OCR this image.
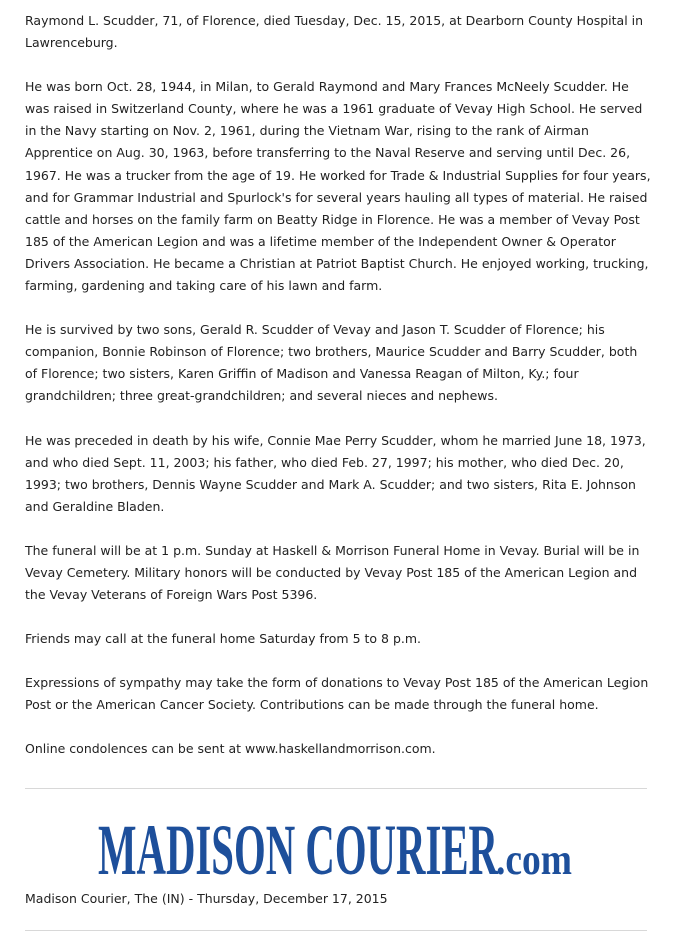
Raymond L. Scudder, 71, of Florence, died Tuesday, Dec. 15, 2015, at Dearborn County Hospital in Lawrenceburg.

He was born Oct. 28, 1944, in Milan, to Gerald Raymond and Mary Frances McNeely Scudder. He was raised in Switzerland County, where he was a 1961 graduate of Vevay High School. He served in the Navy starting on Nov. 2, 1961, during the Vietnam War, rising to the rank of Airman Apprentice on Aug. 30, 1963, before transferring to the Naval Reserve and serving until Dec. 26, 1967. He was a trucker from the age of 19. He worked for Trade & Industrial Supplies for four years, and for Grammar Industrial and Spurlock's for several years hauling all types of material. He raised cattle and horses on the family farm on Beatty Ridge in Florence. He was a member of Vevay Post 185 of the American Legion and was a lifetime member of the Independent Owner & Operator Drivers Association. He became a Christian at Patriot Baptist Church. He enjoyed working, trucking, farming, gardening and taking care of his lawn and farm.

He is survived by two sons, Gerald R. Scudder of Vevay and Jason T. Scudder of Florence; his companion, Bonnie Robinson of Florence; two brothers, Maurice Scudder and Barry Scudder, both of Florence; two sisters, Karen Griffin of Madison and Vanessa Reagan of Milton, Ky.; four grandchildren; three great-grandchildren; and several nieces and nephews.

He was preceded in death by his wife, Connie Mae Perry Scudder, whom he married June 18, 1973, and who died Sept. 11, 2003; his father, who died Feb. 27, 1997; his mother, who died Dec. 20, 1993; two brothers, Dennis Wayne Scudder and Mark A. Scudder; and two sisters, Rita E. Johnson and Geraldine Bladen.

The funeral will be at 1 p.m. Sunday at Haskell & Morrison Funeral Home in Vevay. Burial will be in Vevay Cemetery. Military honors will be conducted by Vevay Post 185 of the American Legion and the Vevay Veterans of Foreign Wars Post 5396.

Friends may call at the funeral home Saturday from 5 to 8 p.m.

Expressions of sympathy may take the form of donations to Vevay Post 185 of the American Legion Post or the American Cancer Society. Contributions can be made through the funeral home.

Online condolences can be sent at www.haskellandmorrison.com.

MADISON COURIER
.com
Madison Courier, The (IN) - Thursday, December 17, 2015
